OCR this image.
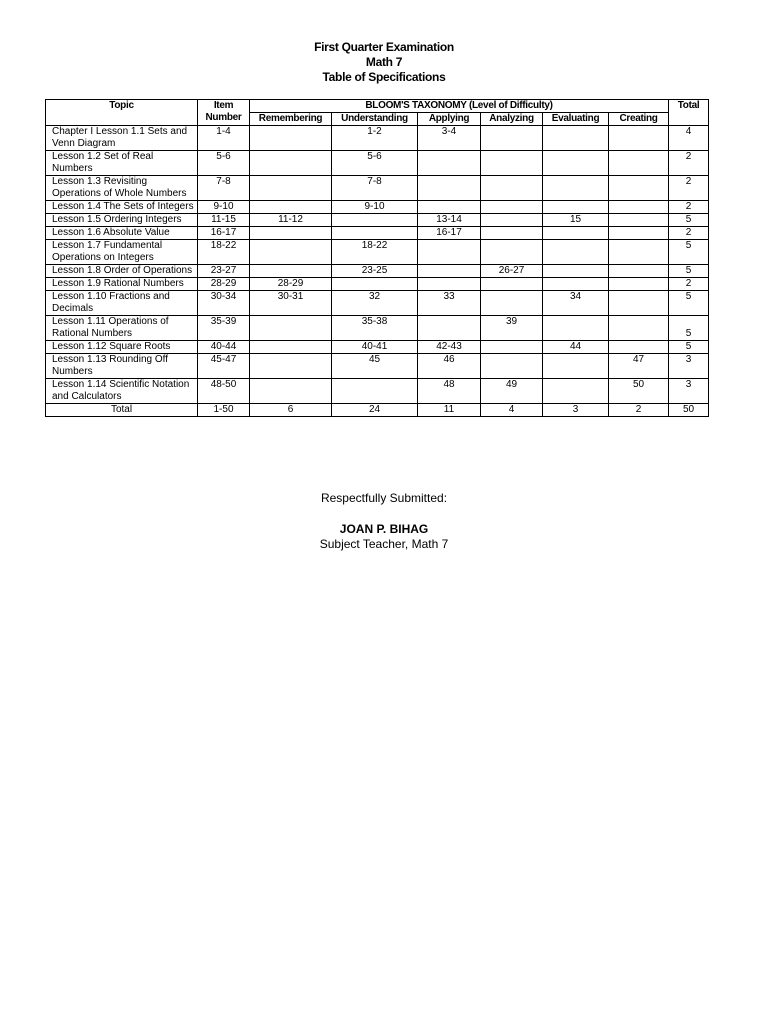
First Quarter Examination
Math 7
Table of Specifications
Topic	Item Number	BLOOM'S TAXONOMY (Level of Difficulty)						Total
		Remembering	Understanding	Applying	Analyzing	Evaluating	Creating	
Chapter I Lesson 1.1 Sets and Venn Diagram	1-4		1-2	3-4				4
Lesson 1.2 Set of Real Numbers	5-6		5-6					2
Lesson 1.3 Revisiting Operations of Whole Numbers	7-8		7-8					2
Lesson 1.4 The Sets of Integers	9-10		9-10					2
Lesson 1.5 Ordering Integers	11-15	11-12		13-14		15		5
Lesson 1.6 Absolute Value	16-17			16-17				2
Lesson 1.7 Fundamental Operations on Integers	18-22		18-22					5
Lesson 1.8 Order of Operations	23-27		23-25		26-27			5
Lesson 1.9 Rational Numbers	28-29	28-29						2
Lesson 1.10 Fractions and Decimals	30-34	30-31	32	33		34		5
Lesson 1.11 Operations of Rational Numbers	35-39		35-38		39			5
Lesson 1.12 Square Roots	40-44		40-41	42-43		44		5
Lesson 1.13 Rounding Off Numbers	45-47		45	46			47	3
Lesson 1.14 Scientific Notation and Calculators	48-50			48	49		50	3
Total	1-50	6	24	11	4	3	2	50
Respectfully Submitted:
JOAN P. BIHAG
Subject Teacher, Math 7
